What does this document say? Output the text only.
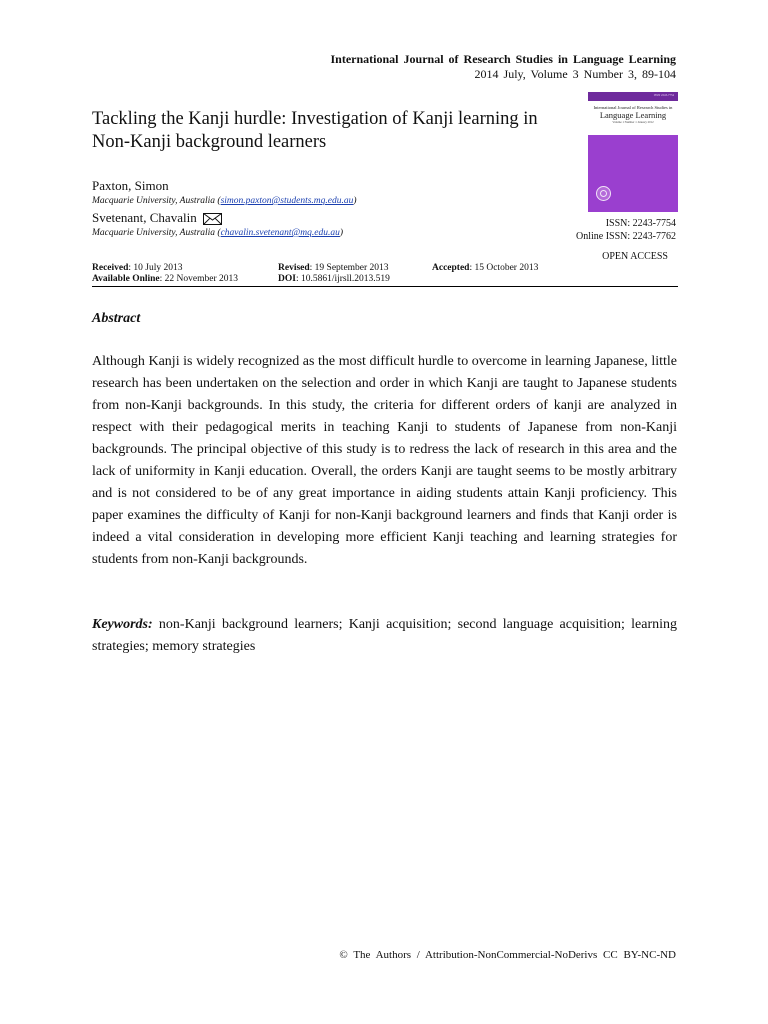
International Journal of Research Studies in Language Learning
2014 July, Volume 3 Number 3, 89-104
Tackling the Kanji hurdle: Investigation of Kanji learning in Non-Kanji background learners
ISSN 2243-7754
International Journal of Research Studies in
Language Learning
Volume 1 Number 1 January 2012
ISSN: 2243-7754
Online ISSN: 2243-7762
OPEN ACCESS
Paxton, Simon
Macquarie University, Australia (simon.paxton@students.mq.edu.au)
Svetenant, Chavalin
Macquarie University, Australia (chavalin.svetenant@mq.edu.au)
Received: 10 July 2013	Revised: 19 September 2013	Accepted: 15 October 2013
Available Online: 22 November 2013	DOI: 10.5861/ijrsll.2013.519
Abstract
Although Kanji is widely recognized as the most difficult hurdle to overcome in learning Japanese, little research has been undertaken on the selection and order in which Kanji are taught to Japanese students from non-Kanji backgrounds. In this study, the criteria for different orders of kanji are analyzed in respect with their pedagogical merits in teaching Kanji to students of Japanese from non-Kanji backgrounds. The principal objective of this study is to redress the lack of research in this area and the lack of uniformity in Kanji education. Overall, the orders Kanji are taught seems to be mostly arbitrary and is not considered to be of any great importance in aiding students attain Kanji proficiency. This paper examines the difficulty of Kanji for non-Kanji background learners and finds that Kanji order is indeed a vital consideration in developing more efficient Kanji teaching and learning strategies for students from non-Kanji backgrounds.
Keywords: non-Kanji background learners; Kanji acquisition; second language acquisition; learning strategies; memory strategies
© The Authors / Attribution-NonCommercial-NoDerivs CC BY-NC-ND
